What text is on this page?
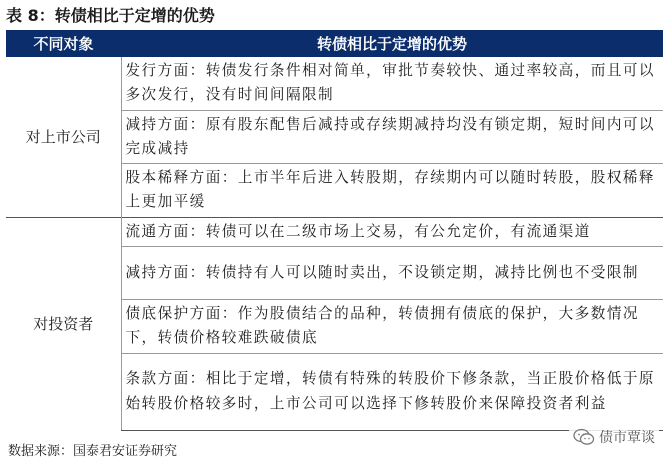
表 8：转债相比于定增的优势
不同对象	转债相比于定增的优势
对上市公司	发行方面：转债发行条件相对简单，审批节奏较快、通过率较高，而且可以多次发行，没有时间间隔限制
	减持方面：原有股东配售后减持或存续期减持均没有锁定期，短时间内可以完成减持
	股本稀释方面：上市半年后进入转股期，存续期内可以随时转股，股权稀释上更加平缓
对投资者	流通方面：转债可以在二级市场上交易，有公允定价，有流通渠道
	减持方面：转债持有人可以随时卖出，不设锁定期，减持比例也不受限制
	债底保护方面：作为股债结合的品种，转债拥有债底的保护，大多数情况下，转债价格较难跌破债底
	条款方面：相比于定增，转债有特殊的转股价下修条款，当正股价格低于原始转股价格较多时，上市公司可以选择下修转股价来保障投资者利益
数据来源：国泰君安证券研究
债市覃谈
